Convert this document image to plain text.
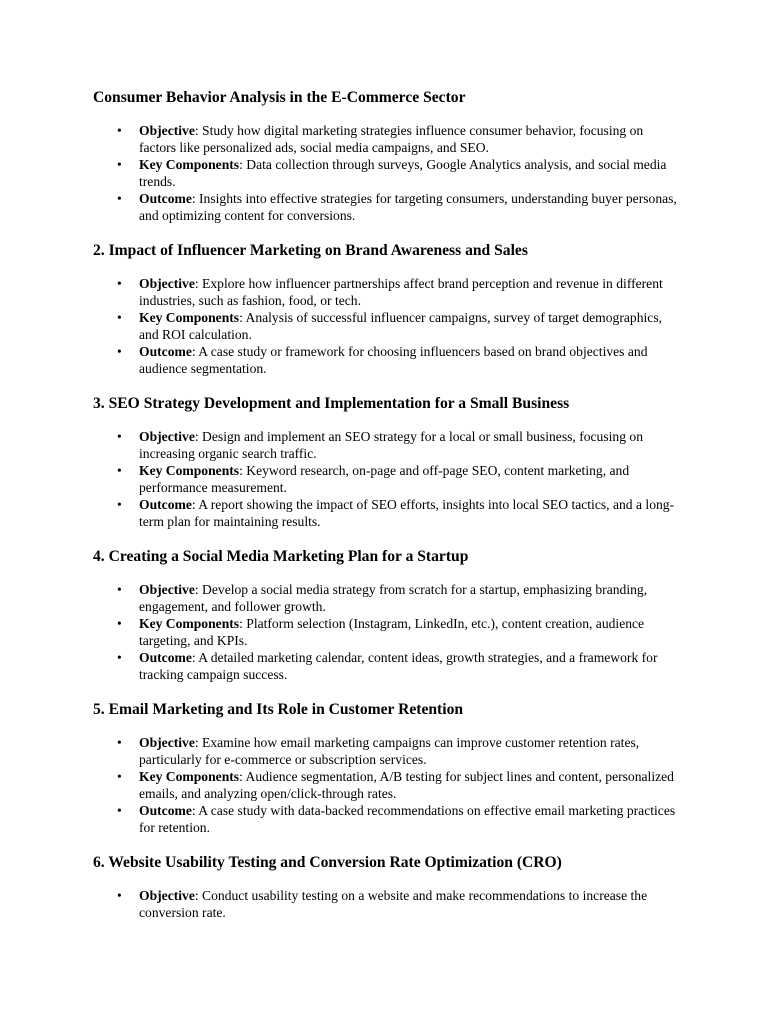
Consumer Behavior Analysis in the E-Commerce Sector
• Objective: Study how digital marketing strategies influence consumer behavior, focusing on factors like personalized ads, social media campaigns, and SEO.
• Key Components: Data collection through surveys, Google Analytics analysis, and social media trends.
• Outcome: Insights into effective strategies for targeting consumers, understanding buyer personas, and optimizing content for conversions.
2. Impact of Influencer Marketing on Brand Awareness and Sales
• Objective: Explore how influencer partnerships affect brand perception and revenue in different industries, such as fashion, food, or tech.
• Key Components: Analysis of successful influencer campaigns, survey of target demographics, and ROI calculation.
• Outcome: A case study or framework for choosing influencers based on brand objectives and audience segmentation.
3. SEO Strategy Development and Implementation for a Small Business
• Objective: Design and implement an SEO strategy for a local or small business, focusing on increasing organic search traffic.
• Key Components: Keyword research, on-page and off-page SEO, content marketing, and performance measurement.
• Outcome: A report showing the impact of SEO efforts, insights into local SEO tactics, and a long-term plan for maintaining results.
4. Creating a Social Media Marketing Plan for a Startup
• Objective: Develop a social media strategy from scratch for a startup, emphasizing branding, engagement, and follower growth.
• Key Components: Platform selection (Instagram, LinkedIn, etc.), content creation, audience targeting, and KPIs.
• Outcome: A detailed marketing calendar, content ideas, growth strategies, and a framework for tracking campaign success.
5. Email Marketing and Its Role in Customer Retention
• Objective: Examine how email marketing campaigns can improve customer retention rates, particularly for e-commerce or subscription services.
• Key Components: Audience segmentation, A/B testing for subject lines and content, personalized emails, and analyzing open/click-through rates.
• Outcome: A case study with data-backed recommendations on effective email marketing practices for retention.
6. Website Usability Testing and Conversion Rate Optimization (CRO)
• Objective: Conduct usability testing on a website and make recommendations to increase the conversion rate.
